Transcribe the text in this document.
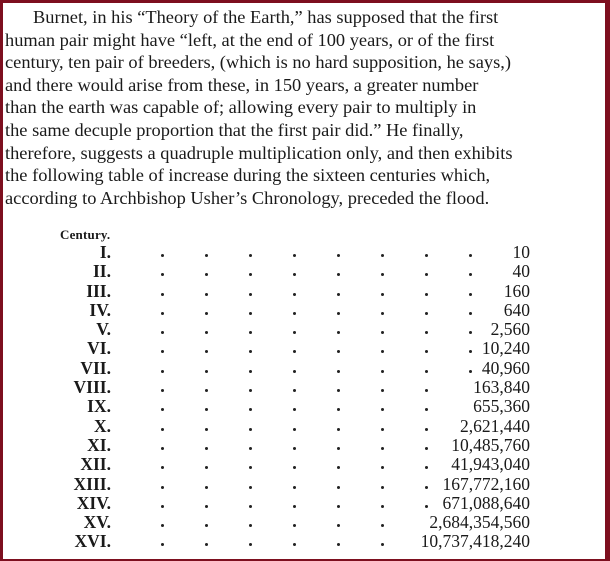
Burnet, in his “Theory of the Earth,” has supposed that the first
human pair might have “left, at the end of 100 years, or of the first
century, ten pair of breeders, (which is no hard supposition, he says,)
and there would arise from these, in 150 years, a greater number
than the earth was capable of; allowing every pair to multiply in
the same decuple proportion that the first pair did.” He finally,
therefore, suggests a quadruple multiplication only, and then exhibits
the following table of increase during the sixteen centuries which,
according to Archbishop Usher’s Chronology, preceded the flood.
Century.
I.	10
II.	40
III.	160
IV.	640
V.	2,560
VI.	10,240
VII.	40,960
VIII.	163,840
IX.	655,360
X.	2,621,440
XI.	10,485,760
XII.	41,943,040
XIII.	167,772,160
XIV.	671,088,640
XV.	2,684,354,560
XVI.	10,737,418,240
